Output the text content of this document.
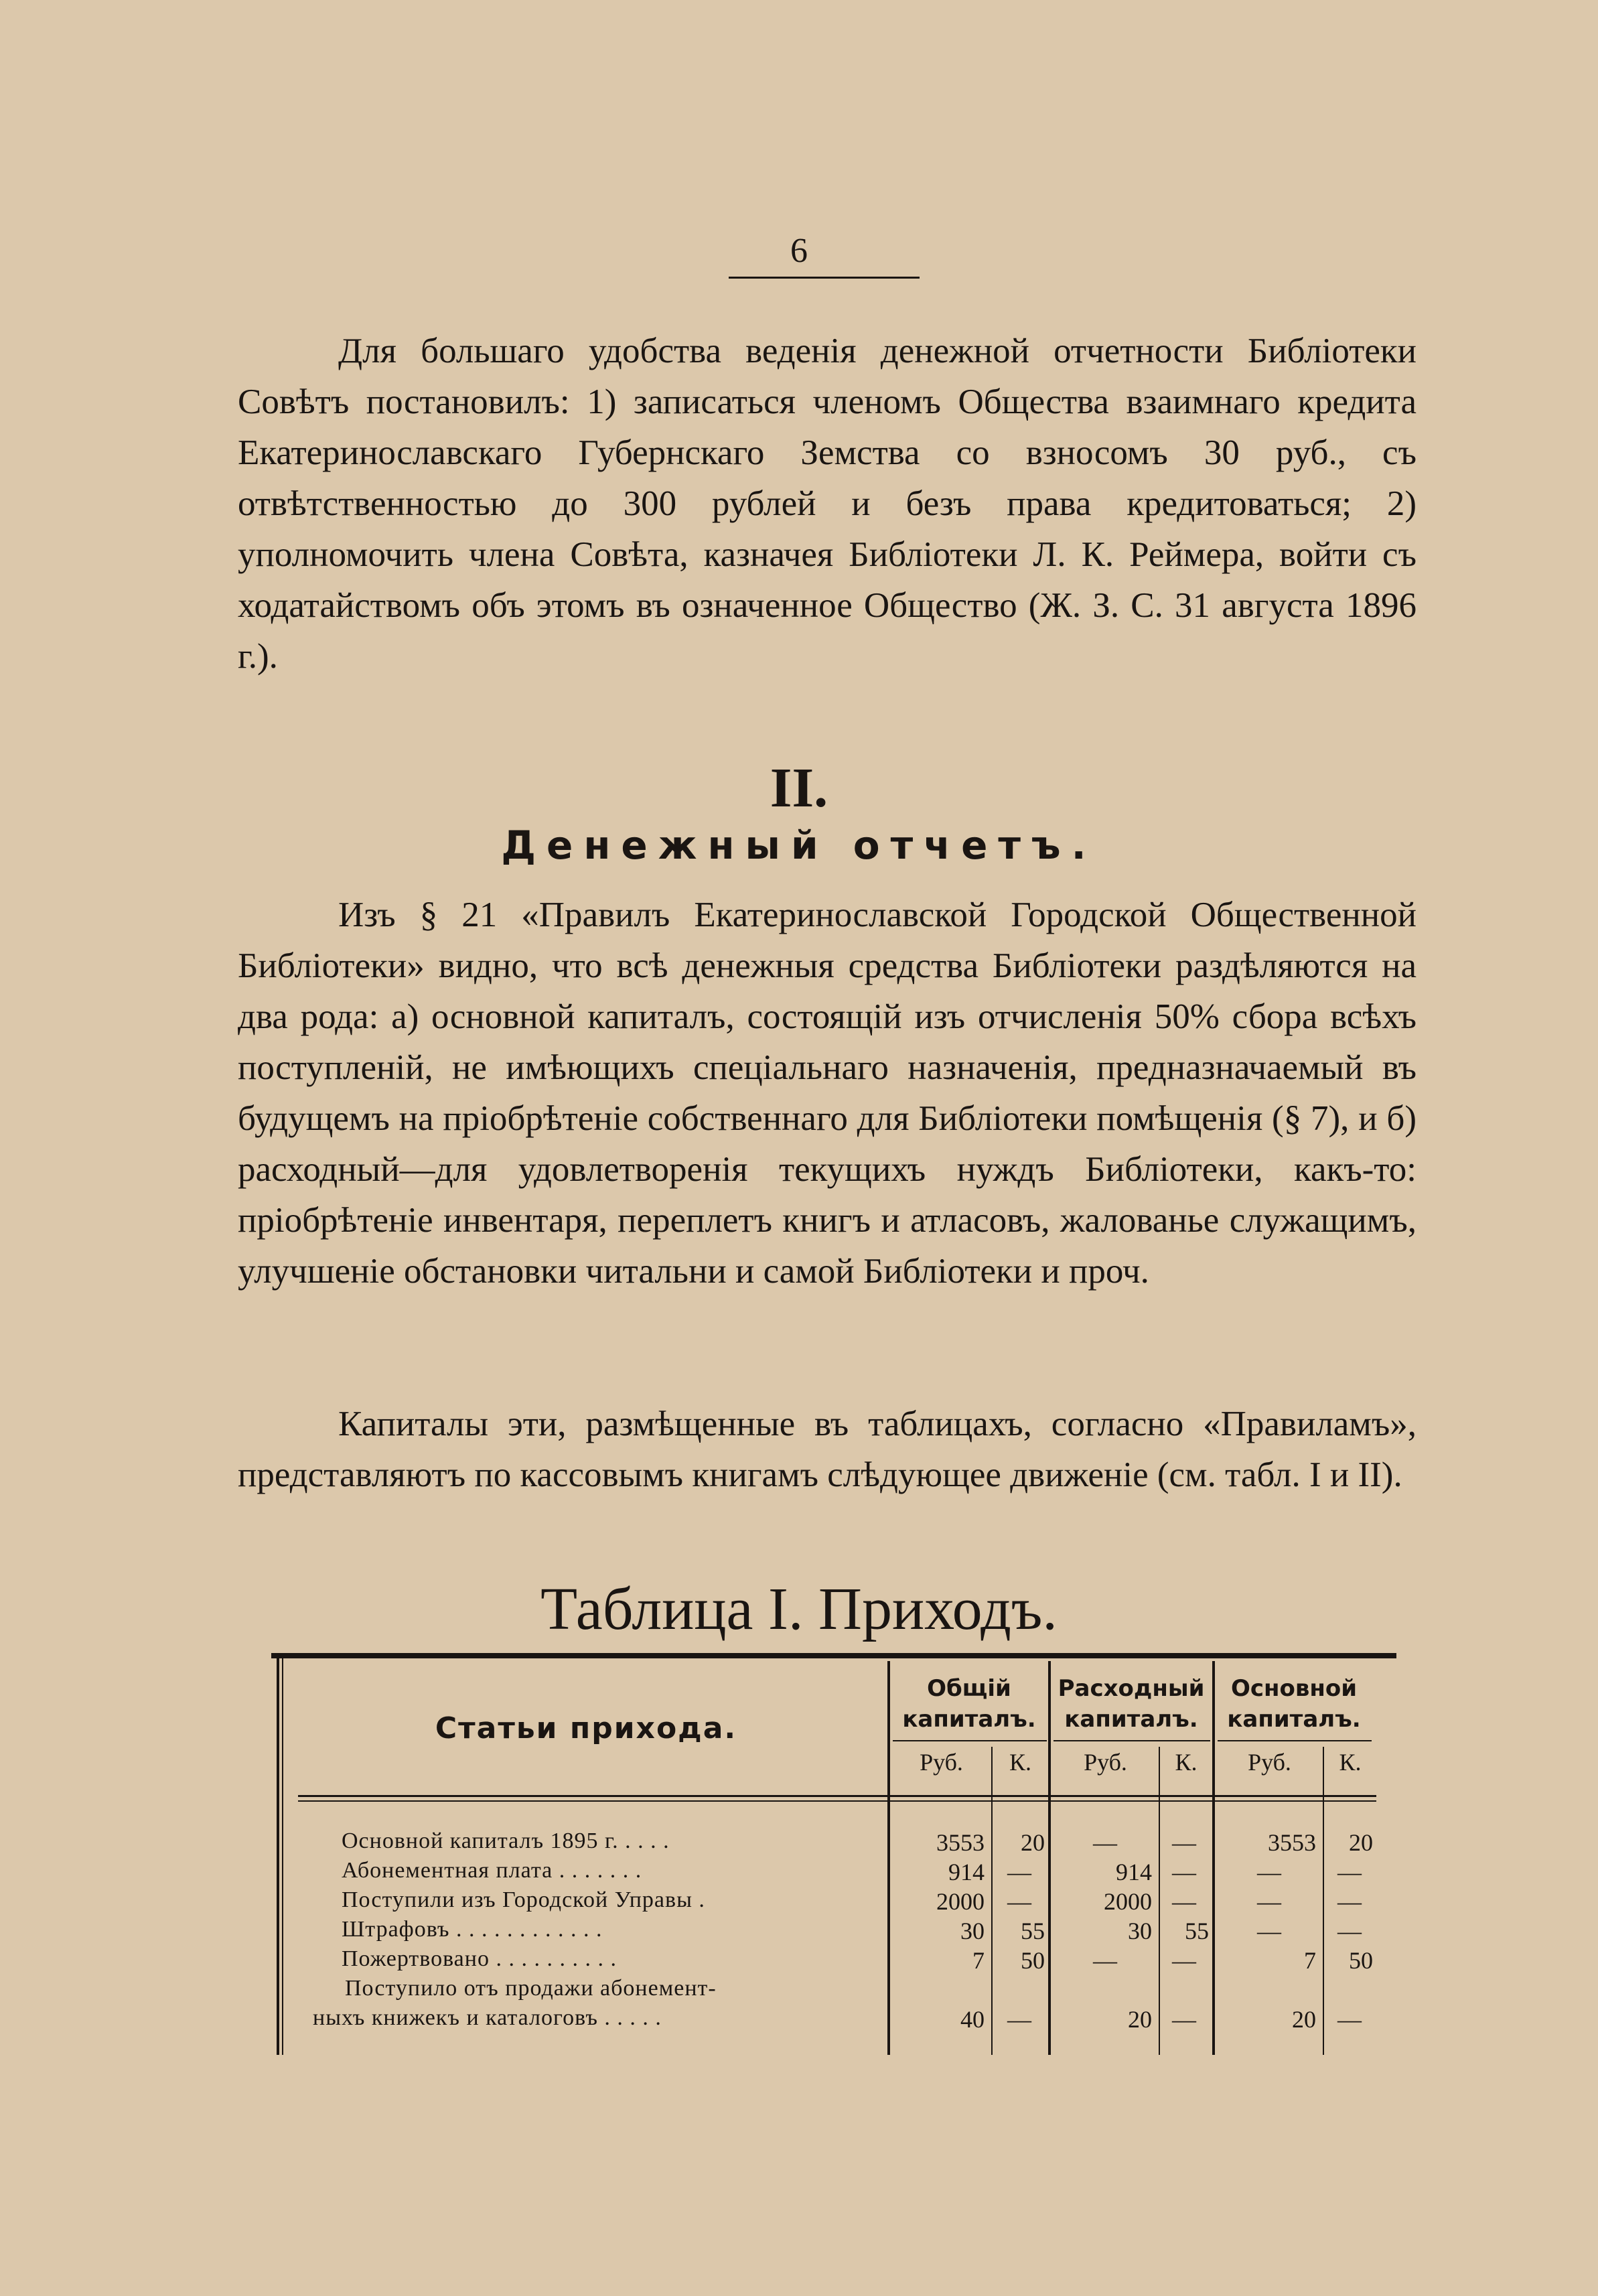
6

Для большаго удобства веденія денежной отчетности Библіотеки Совѣтъ постановилъ: 1) записаться членомъ Общества взаимнаго кредита Екатеринославскаго Губернскаго Земства со взносомъ 30 руб., съ отвѣтственностью до 300 рублей и безъ права кредитоваться; 2) уполномочить члена Совѣта, казначея Библіотеки Л. К. Реймера, войти съ ходатайствомъ объ этомъ въ означенное Общество (Ж. З. С. 31 августа 1896 г.).

II.
Денежный отчетъ.

Изъ § 21 «Правилъ Екатеринославской Городской Общественной Библіотеки» видно, что всѣ денежныя средства Библіотеки раздѣляются на два рода: а) основной капиталъ, состоящій изъ отчисленія 50% сбора всѣхъ поступленій, не имѣющихъ спеціальнаго назначенія, предназначаемый въ будущемъ на пріобрѣтеніе собственнаго для Библіотеки помѣщенія (§ 7), и б) расходный—для удовлетворенія текущихъ нуждъ Библіотеки, какъ-то: пріобрѣтеніе инвентаря, переплетъ книгъ и атласовъ, жалованье служащимъ, улучшеніе обстановки читальни и самой Библіотеки и проч.

Капиталы эти, размѣщенные въ таблицахъ, согласно «Правиламъ», представляютъ по кассовымъ книгамъ слѣдующее движеніе (см. табл. I и II).

Таблица I. Приходъ.
Статьи прихода.
Общій капиталъ.
Расходный капиталъ.
Основной капиталъ.
Руб.	К.	Руб.	К.	Руб.	К.
Основной капиталъ 1895 г. . . . .	3553	20	—	—	3553	20
Абонементная плата . . . . . . .	914 —	914 —	—	—
Поступили изъ Городской Управы .	2000 —	2000 —	—	—
Штрафовъ . . . . . . . . . . . .	30	55	30	55	—	—
Пожертвовано . . . . . . . . . .	7	50	—	—	7	50
Поступило отъ продажи абонемент-
ныхъ книжекъ и каталоговъ . . . . .	40 —	20 —	20 —
